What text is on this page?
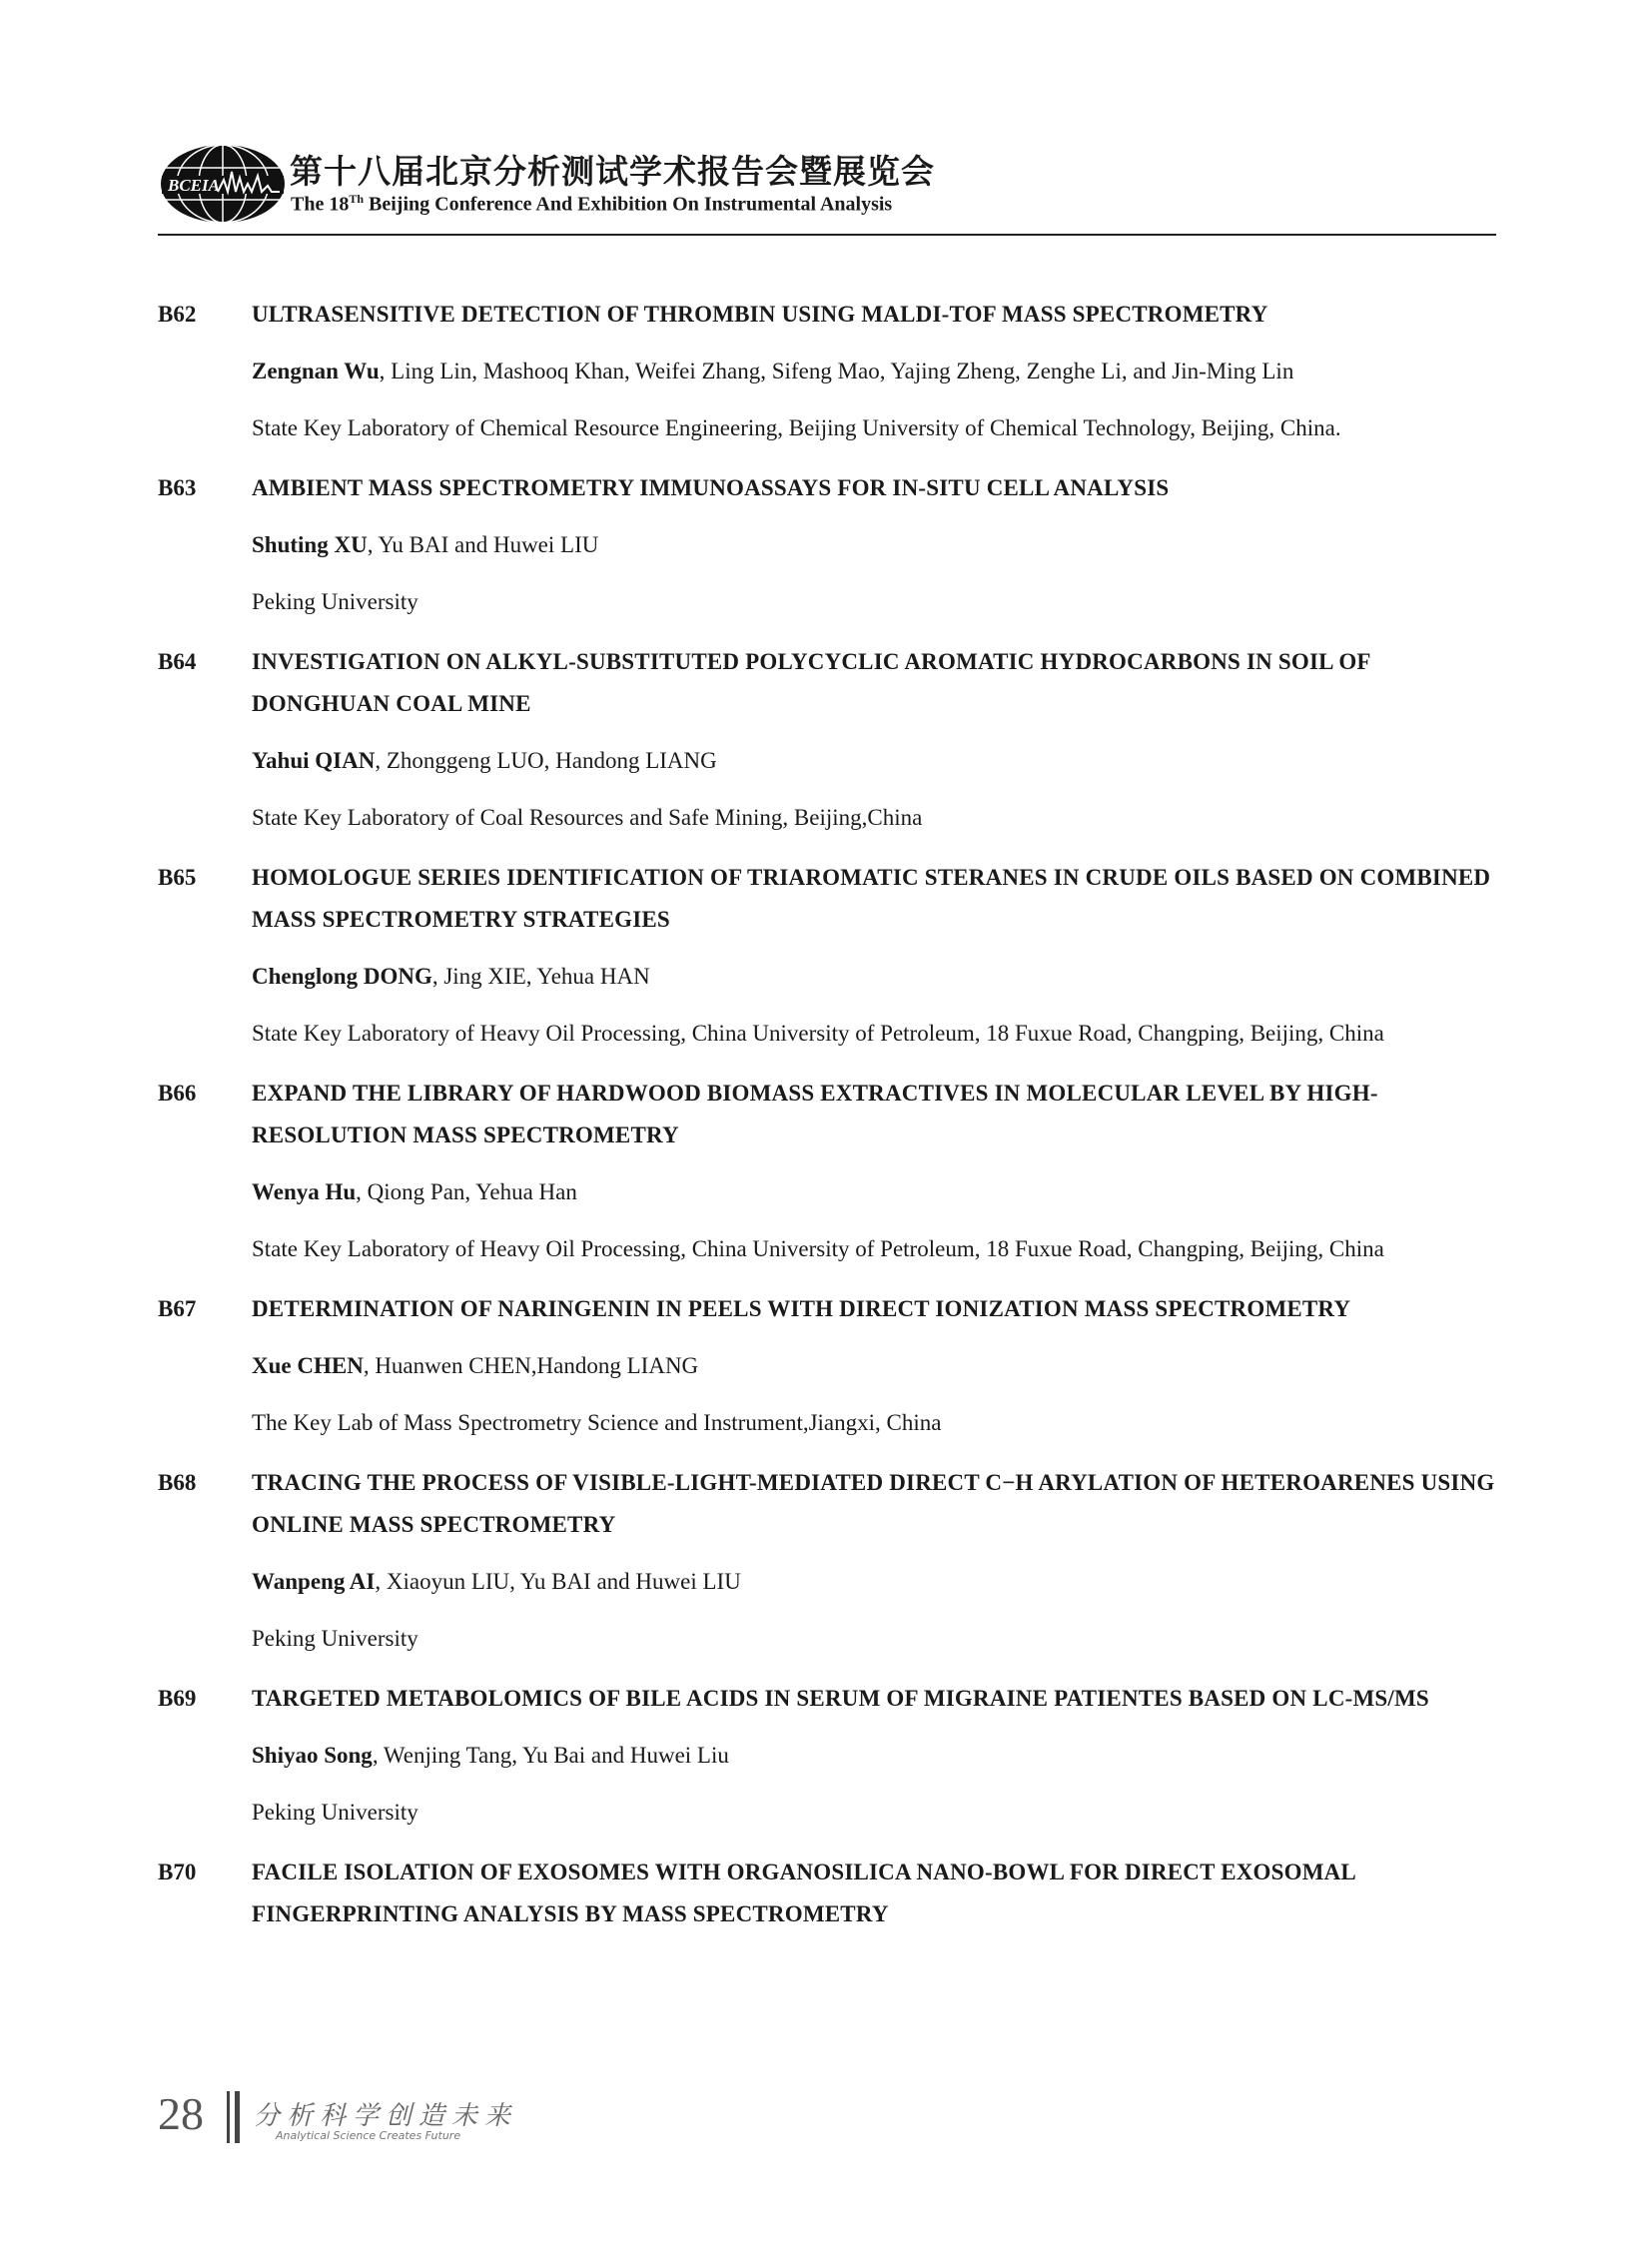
BCEIA 第十八届北京分析测试学术报告会暨展览会
The 18Th Beijing Conference And Exhibition On Instrumental Analysis
B62	ULTRASENSITIVE DETECTION OF THROMBIN USING MALDI-TOF MASS SPECTROMETRY
Zengnan Wu, Ling Lin, Mashooq Khan, Weifei Zhang, Sifeng Mao, Yajing Zheng, Zenghe Li, and Jin-Ming Lin
State Key Laboratory of Chemical Resource Engineering, Beijing University of Chemical Technology, Beijing, China.
B63	AMBIENT MASS SPECTROMETRY IMMUNOASSAYS FOR IN-SITU CELL ANALYSIS
Shuting XU, Yu BAI and Huwei LIU
Peking University
B64	INVESTIGATION ON ALKYL-SUBSTITUTED POLYCYCLIC AROMATIC HYDROCARBONS IN SOIL OF DONGHUAN COAL MINE
Yahui QIAN, Zhonggeng LUO, Handong LIANG
State Key Laboratory of Coal Resources and Safe Mining, Beijing,China
B65	HOMOLOGUE SERIES IDENTIFICATION OF TRIAROMATIC STERANES IN CRUDE OILS BASED ON COMBINED MASS SPECTROMETRY STRATEGIES
Chenglong DONG, Jing XIE, Yehua HAN
State Key Laboratory of Heavy Oil Processing, China University of Petroleum, 18 Fuxue Road, Changping, Beijing, China
B66	EXPAND THE LIBRARY OF HARDWOOD BIOMASS EXTRACTIVES IN MOLECULAR LEVEL BY HIGH-RESOLUTION MASS SPECTROMETRY
Wenya Hu, Qiong Pan, Yehua Han
State Key Laboratory of Heavy Oil Processing, China University of Petroleum, 18 Fuxue Road, Changping, Beijing, China
B67	DETERMINATION OF NARINGENIN IN PEELS WITH DIRECT IONIZATION MASS SPECTROMETRY
Xue CHEN, Huanwen CHEN,Handong LIANG
The Key Lab of Mass Spectrometry Science and Instrument,Jiangxi, China
B68	TRACING THE PROCESS OF VISIBLE-LIGHT-MEDIATED DIRECT C−H ARYLATION OF HETEROARENES USING ONLINE MASS SPECTROMETRY
Wanpeng AI, Xiaoyun LIU, Yu BAI and Huwei LIU
Peking University
B69	TARGETED METABOLOMICS OF BILE ACIDS IN SERUM OF MIGRAINE PATIENTES BASED ON LC-MS/MS
Shiyao Song, Wenjing Tang, Yu Bai and Huwei Liu
Peking University
B70	FACILE ISOLATION OF EXOSOMES WITH ORGANOSILICA NANO-BOWL FOR DIRECT EXOSOMAL FINGERPRINTING ANALYSIS BY MASS SPECTROMETRY
28 分析科学创造未来
Analytical Science Creates Future
